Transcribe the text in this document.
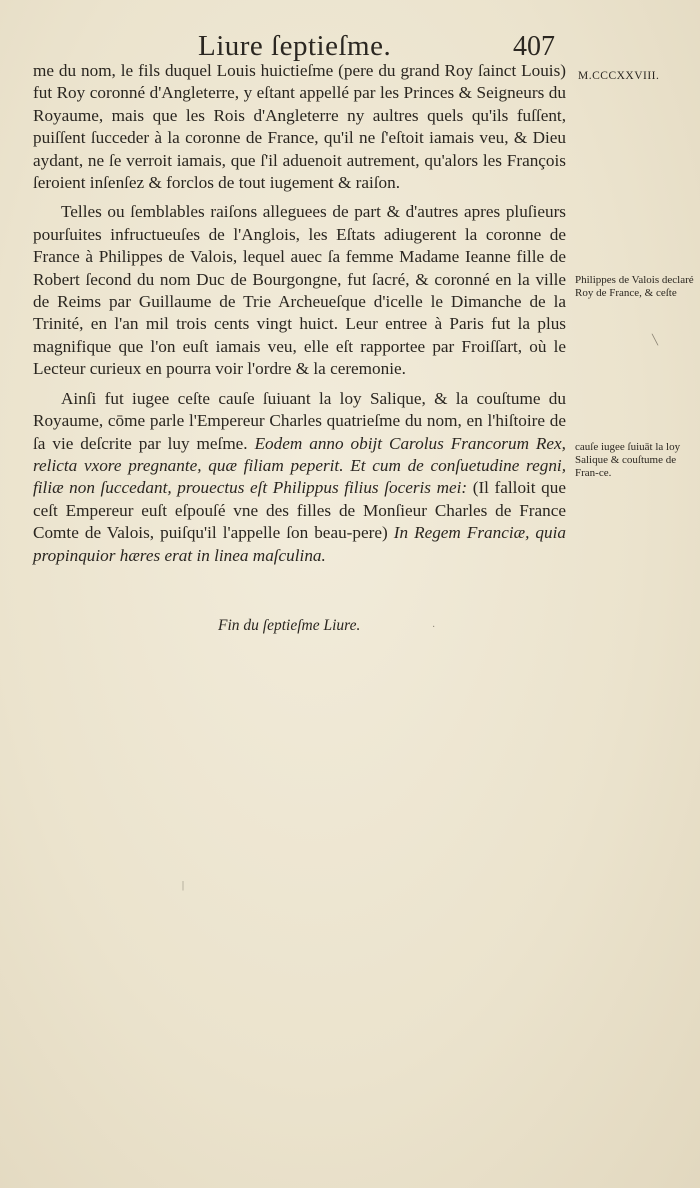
Liure ſeptieſme.	407
M.CCCXXVIII.

me du nom, le fils duquel Louis huictieſme (pere du grand Roy ſainct Louis) fut Roy coronné d'Angleterre, y eſtant appellé par les Princes & Seigneurs du Royaume, mais que les Rois d'Angleterre ny aultres quels qu'ils fuſſent, puiſſent ſucceder à la coronne de France, qu'il ne ſ'eſtoit iamais veu, & Dieu aydant, ne ſe verroit iamais, que ſ'il aduenoit autrement, qu'alors les François ſeroient inſenſez & forclos de tout iugement & raiſon.

Telles ou ſemblables raiſons alleguees de part & d'autres apres pluſieurs pourſuites infructueuſes de l'Anglois, les Eſtats adiugerent la coronne de France à Philippes de Valois, lequel auec ſa femme Madame Ieanne fille de Robert ſecond du nom Duc de Bourgongne, fut ſacré, & coronné en la ville de Reims par Guillaume de Trie Archeueſque d'icelle le Dimanche de la Trinité, en l'an mil trois cents vingt huict. Leur entree à Paris fut la plus magnifique que l'on euſt iamais veu, elle eſt rapportee par Froiſſart, où le Lecteur curieux en pourra voir l'ordre & la ceremonie.

Ainſi fut iugee ceſte cauſe ſuiuant la loy Salique, & la couſtume du Royaume, cōme parle l'Empereur Charles quatrieſme du nom, en l'hiſtoire de ſa vie deſcrite par luy meſme. Eodem anno obijt Carolus Francorum Rex, relicta vxore pregnante, quæ filiam peperit. Et cum de conſuetudine regni, filiæ non ſuccedant, prouectus eſt Philippus filius ſoceris mei: (Il falloit que ceſt Empereur euſt eſpouſé vne des filles de Monſieur Charles de France Comte de Valois, puiſqu'il l'appelle ſon beau-pere) In Regem Franciæ, quia propinquior hæres erat in linea maſculina.

Philippes de Valois declaré Roy de France, & ceſte
cauſe iugee ſuiuāt la loy Salique & couſtume de Fran-ce.
Fin du ſeptieſme Liure.	·
|
╲
